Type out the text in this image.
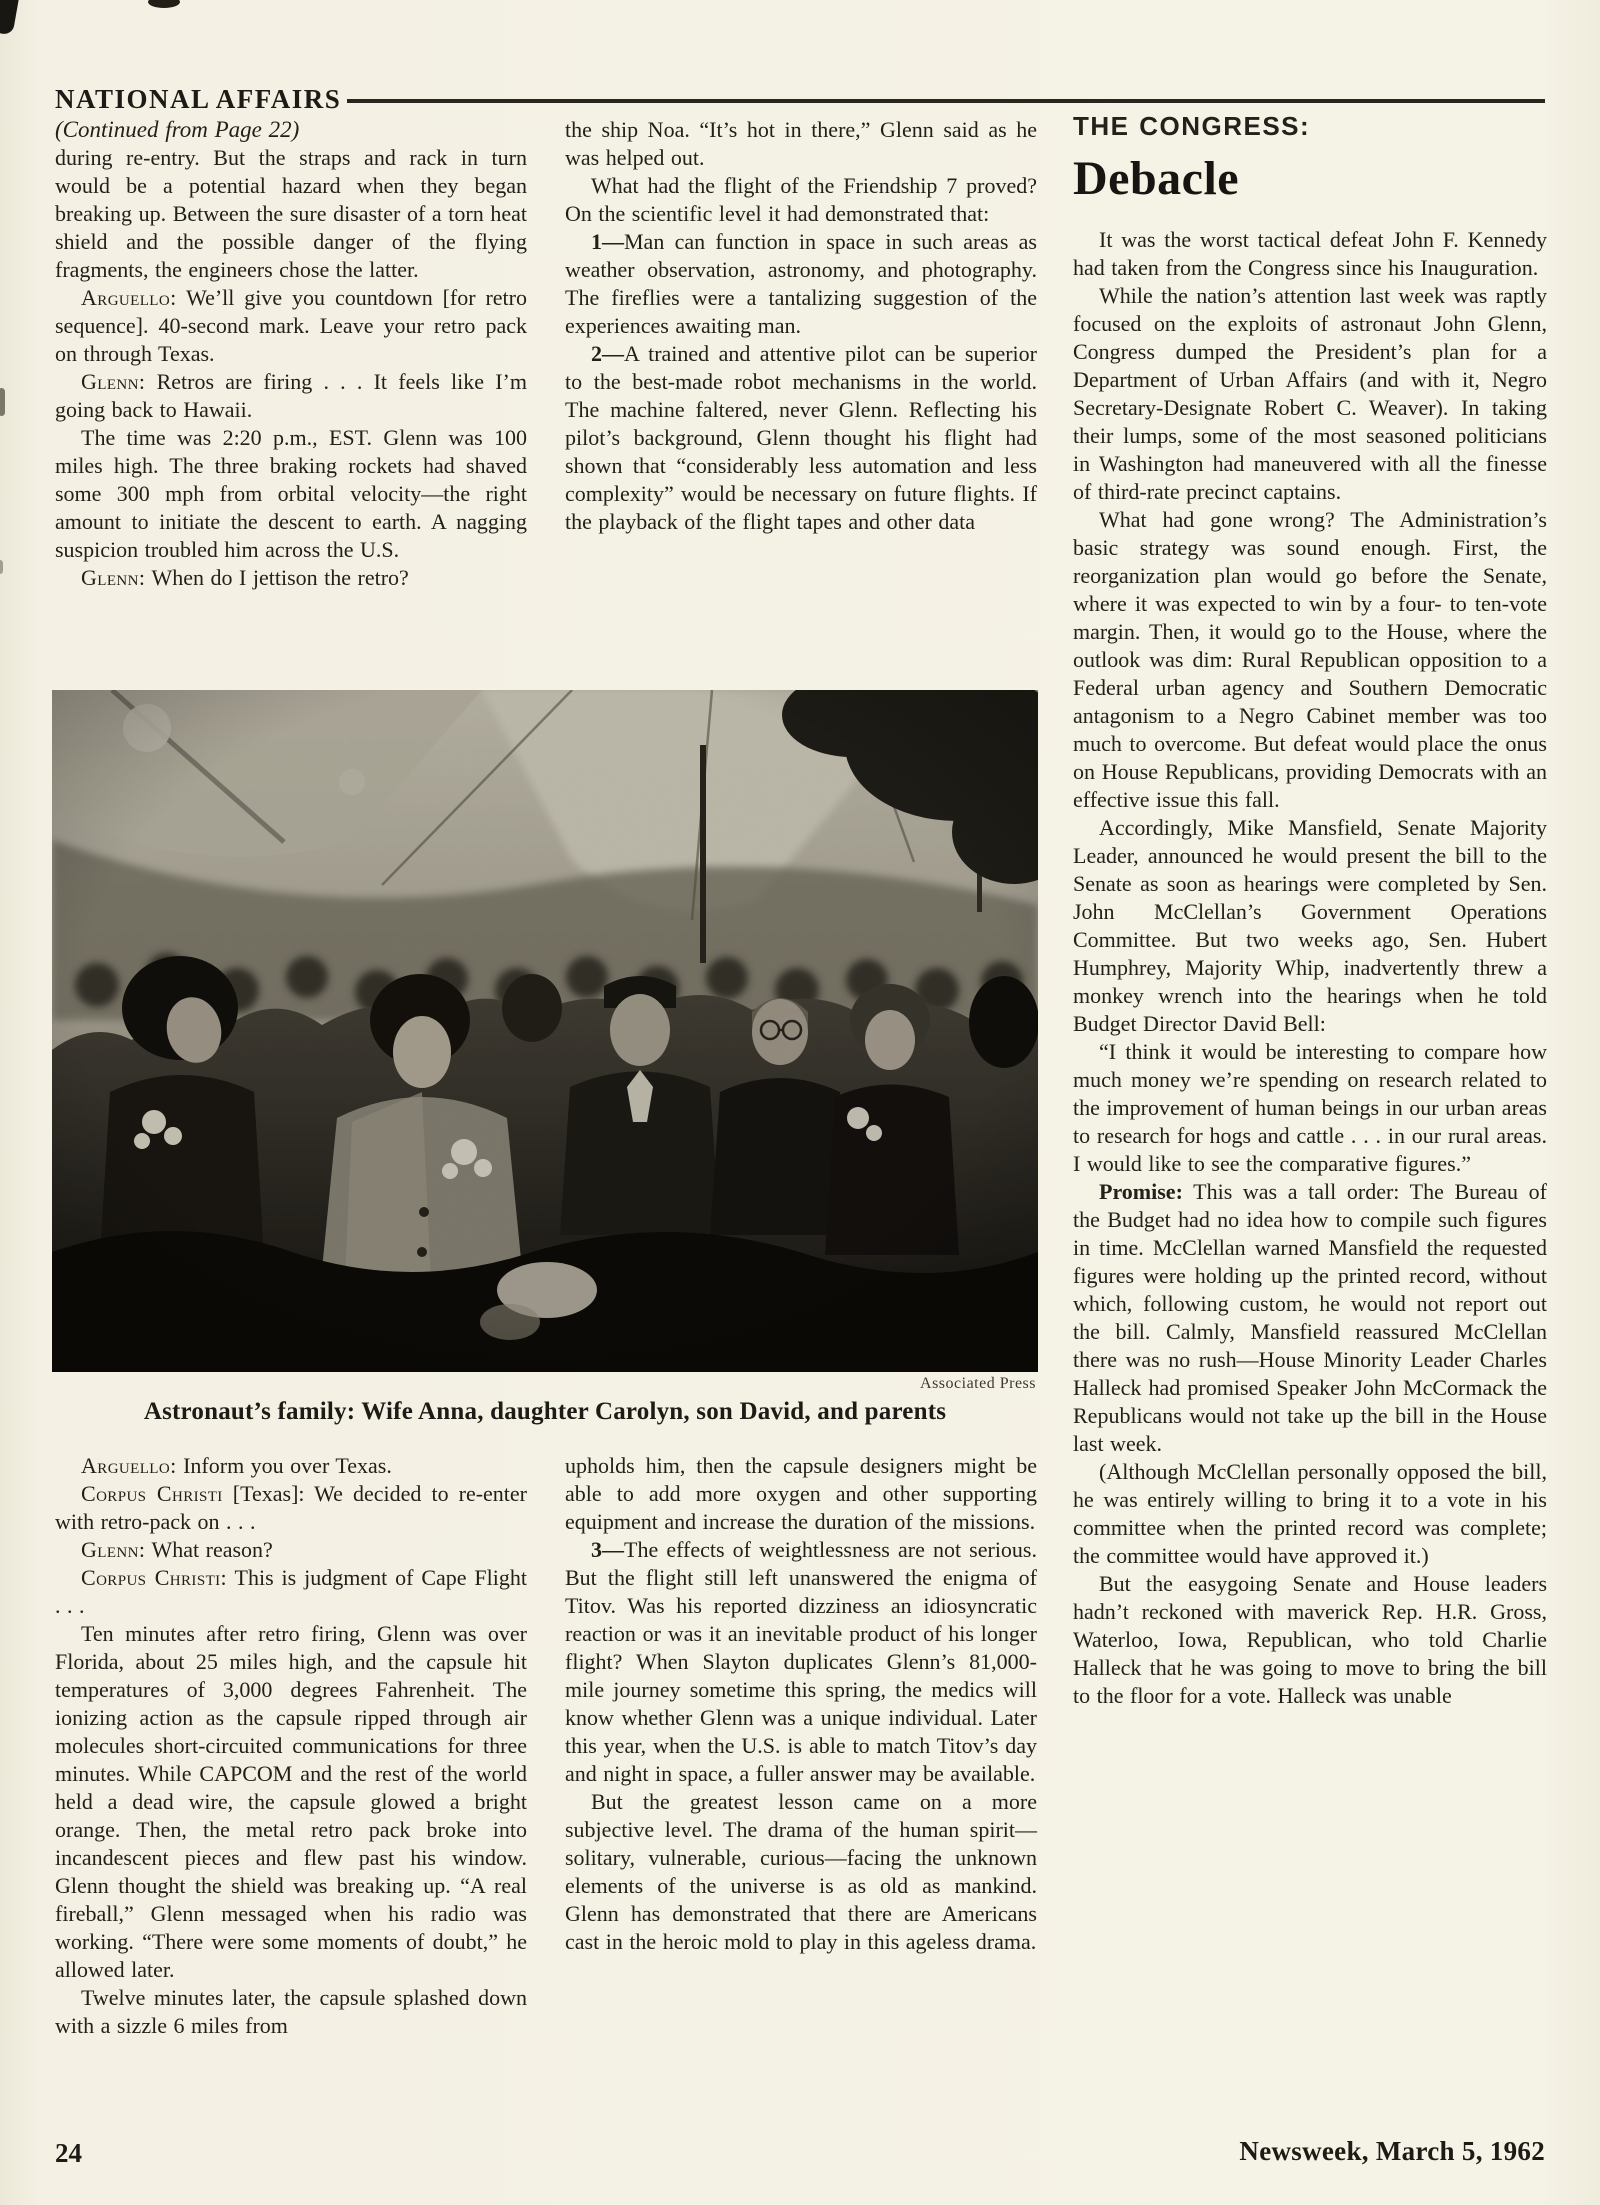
NATIONAL AFFAIRS

(Continued from Page 22)

during re-entry. But the straps and rack in turn would be a potential hazard when they began breaking up. Between the sure disaster of a torn heat shield and the possible danger of the flying fragments, the engineers chose the latter.

Arguello: We’ll give you countdown [for retro sequence]. 40-second mark. Leave your retro pack on through Texas.

Glenn: Retros are firing . . . It feels like I’m going back to Hawaii.

The time was 2:20 p.m., EST. Glenn was 100 miles high. The three braking rockets had shaved some 300 mph from orbital velocity—the right amount to initiate the descent to earth. A nagging suspicion troubled him across the U.S.

Glenn: When do I jettison the retro?

the ship Noa. “It’s hot in there,” Glenn said as he was helped out.

What had the flight of the Friendship 7 proved? On the scientific level it had demonstrated that:

1—Man can function in space in such areas as weather observation, astronomy, and photography. The fireflies were a tantalizing suggestion of the experiences awaiting man.

2—A trained and attentive pilot can be superior to the best-made robot mechanisms in the world. The machine faltered, never Glenn. Reflecting his pilot’s background, Glenn thought his flight had shown that “considerably less automation and less complexity” would be necessary on future flights. If the playback of the flight tapes and other data

THE CONGRESS:

Debacle

It was the worst tactical defeat John F. Kennedy had taken from the Congress since his Inauguration.

While the nation’s attention last week was raptly focused on the exploits of astronaut John Glenn, Congress dumped the President’s plan for a Department of Urban Affairs (and with it, Negro Secretary-Designate Robert C. Weaver). In taking their lumps, some of the most seasoned politicians in Washington had maneuvered with all the finesse of third-rate precinct captains.

What had gone wrong? The Administration’s basic strategy was sound enough. First, the reorganization plan would go before the Senate, where it was expected to win by a four- to ten-vote margin. Then, it would go to the House, where the outlook was dim: Rural Republican opposition to a Federal urban agency and Southern Democratic antagonism to a Negro Cabinet member was too much to overcome. But defeat would place the onus on House Republicans, providing Democrats with an effective issue this fall.

Accordingly, Mike Mansfield, Senate Majority Leader, announced he would present the bill to the Senate as soon as hearings were completed by Sen. John McClellan’s Government Operations Committee. But two weeks ago, Sen. Hubert Humphrey, Majority Whip, inadvertently threw a monkey wrench into the hearings when he told Budget Director David Bell:

“I think it would be interesting to compare how much money we’re spending on research related to the improvement of human beings in our urban areas to research for hogs and cattle . . . in our rural areas. I would like to see the comparative figures.”

Promise: This was a tall order: The Bureau of the Budget had no idea how to compile such figures in time. McClellan warned Mansfield the requested figures were holding up the printed record, without which, following custom, he would not report out the bill. Calmly, Mansfield reassured McClellan there was no rush—House Minority Leader Charles Halleck had promised Speaker John McCormack the Republicans would not take up the bill in the House last week.

(Although McClellan personally opposed the bill, he was entirely willing to bring it to a vote in his committee when the printed record was complete; the committee would have approved it.)

But the easygoing Senate and House leaders hadn’t reckoned with maverick Rep. H.R. Gross, Waterloo, Iowa, Republican, who told Charlie Halleck that he was going to move to bring the bill to the floor for a vote. Halleck was unable

Associated Press
Astronaut’s family: Wife Anna, daughter Carolyn, son David, and parents

Arguello: Inform you over Texas.

Corpus Christi [Texas]: We decided to re-enter with retro-pack on . . .

Glenn: What reason?

Corpus Christi: This is judgment of Cape Flight . . .

Ten minutes after retro firing, Glenn was over Florida, about 25 miles high, and the capsule hit temperatures of 3,000 degrees Fahrenheit. The ionizing action as the capsule ripped through air molecules short-circuited communications for three minutes. While CAPCOM and the rest of the world held a dead wire, the capsule glowed a bright orange. Then, the metal retro pack broke into incandescent pieces and flew past his window. Glenn thought the shield was breaking up. “A real fireball,” Glenn messaged when his radio was working. “There were some moments of doubt,” he allowed later.

Twelve minutes later, the capsule splashed down with a sizzle 6 miles from

upholds him, then the capsule designers might be able to add more oxygen and other supporting equipment and increase the duration of the missions.

3—The effects of weightlessness are not serious. But the flight still left unanswered the enigma of Titov. Was his reported dizziness an idiosyncratic reaction or was it an inevitable product of his longer flight? When Slayton duplicates Glenn’s 81,000-mile journey sometime this spring, the medics will know whether Glenn was a unique individual. Later this year, when the U.S. is able to match Titov’s day and night in space, a fuller answer may be available.

But the greatest lesson came on a more subjective level. The drama of the human spirit—solitary, vulnerable, curious—facing the unknown elements of the universe is as old as mankind. Glenn has demonstrated that there are Americans cast in the heroic mold to play in this ageless drama.

24	Newsweek, March 5, 1962
